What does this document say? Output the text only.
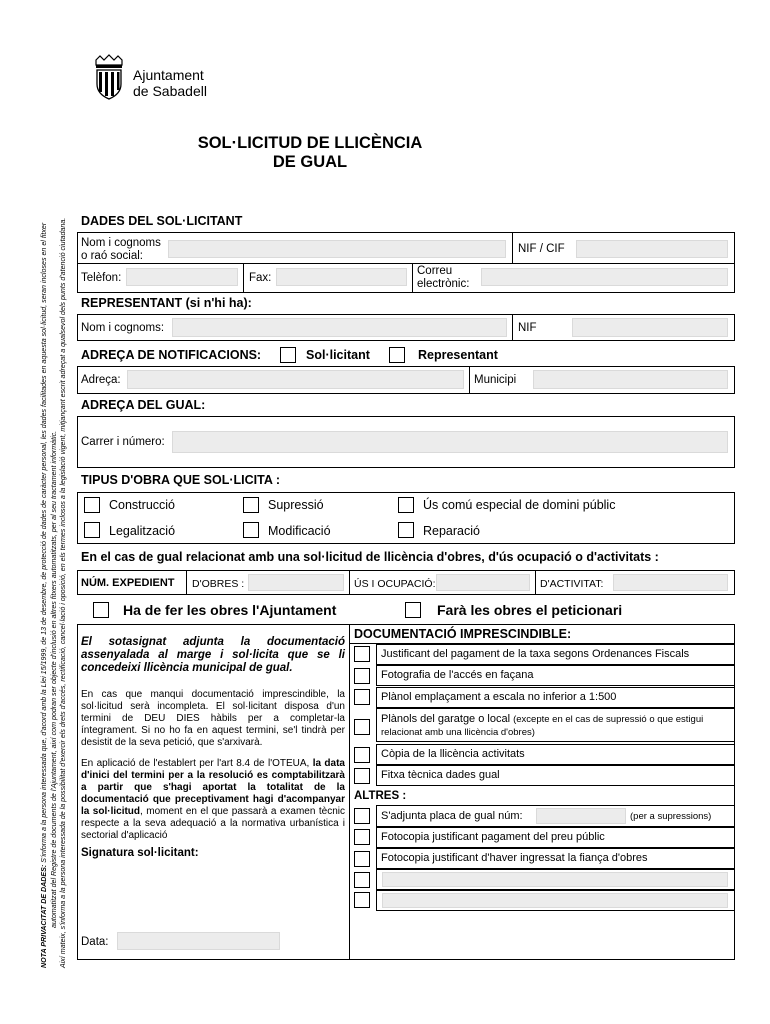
NOTA PRIVACITAT DE DADES: S'informa a la persona interessada que, d'acord amb la Llei 15/1999, de 13 de desembre, de protecció de dades de caràcter personal, les dades facilitades en aquesta sol·licitud, seran incloses en el fitxer automatitzat del Registre de documents de l'Ajuntament, així com podran ser objecte d'inclusió en altres fitxers automatitzats, per al seu tractament informàtic. Així mateix, s'informa a la persona interessada de la possibilitat d'exercir els drets d'accés, rectificació, cancel·lació i oposició, en els termes inclosos a la legislació vigent, mitjançant escrit adreçat a qualsevol dels punts d'atenció ciutadana.
Ajuntament
de Sabadell
SOL·LICITUD DE LLICÈNCIA
DE GUAL
DADES DEL SOL·LICITANT
Nom i cognoms
o raó social:
NIF / CIF
Telèfon:	Fax:
Correu
electrònic:
REPRESENTANT (si n'hi ha):
Nom i cognoms:	NIF
ADREÇA DE NOTIFICACIONS:	Sol·licitant	Representant
Adreça:	Municipi
ADREÇA DEL GUAL:
Carrer i número:
TIPUS D'OBRA QUE SOL·LICITA :
Construcció	Supressió	Ús comú especial de domini públic
Legalització	Modificació	Reparació
En el cas de gual relacionat amb una sol·licitud de llicència d'obres, d'ús ocupació o d'activitats :
NÚM. EXPEDIENT D'OBRES :	ÚS I OCUPACIÓ:	D'ACTIVITAT:
Ha de fer les obres l'Ajuntament	Farà les obres el peticionari
El sotasignat adjunta la documentació assenyalada al marge i sol·licita que se li concedeixi llicència municipal de gual.
En cas que manqui documentació imprescindible, la sol·licitud serà incompleta. El sol·licitant disposa d'un termini de DEU DIES hàbils per a completar-la íntegrament. Si no ho fa en aquest termini, se'l tindrà per desistit de la seva petició, que s'arxivarà.
En aplicació de l'establert per l'art 8.4 de l'OTEUA, la data d'inici del termini per a la resolució es comptabilitzarà a partir que s'hagi aportat la totalitat de la documentació que preceptivament hagi d'acompanyar la sol·licitud, moment en el que passarà a examen tècnic respecte a la seva adequació a la normativa urbanística i sectorial d'aplicació
Signatura sol·licitant:
Data:
DOCUMENTACIÓ IMPRESCINDIBLE:
Justificant del pagament de la taxa segons Ordenances Fiscals
Fotografia de l'accés en façana
Plànol emplaçament a escala no inferior a 1:500
Plànols del garatge o local (excepte en el cas de supressió o que estigui
relacionat amb una llicència d'obres)
Còpia de la llicència activitats
Fitxa tècnica dades gual
ALTRES :
S'adjunta placa de gual núm:	(per a supressions)
Fotocopia justificant pagament del preu públic
Fotocopia justificant d'haver ingressat la fiança d'obres
